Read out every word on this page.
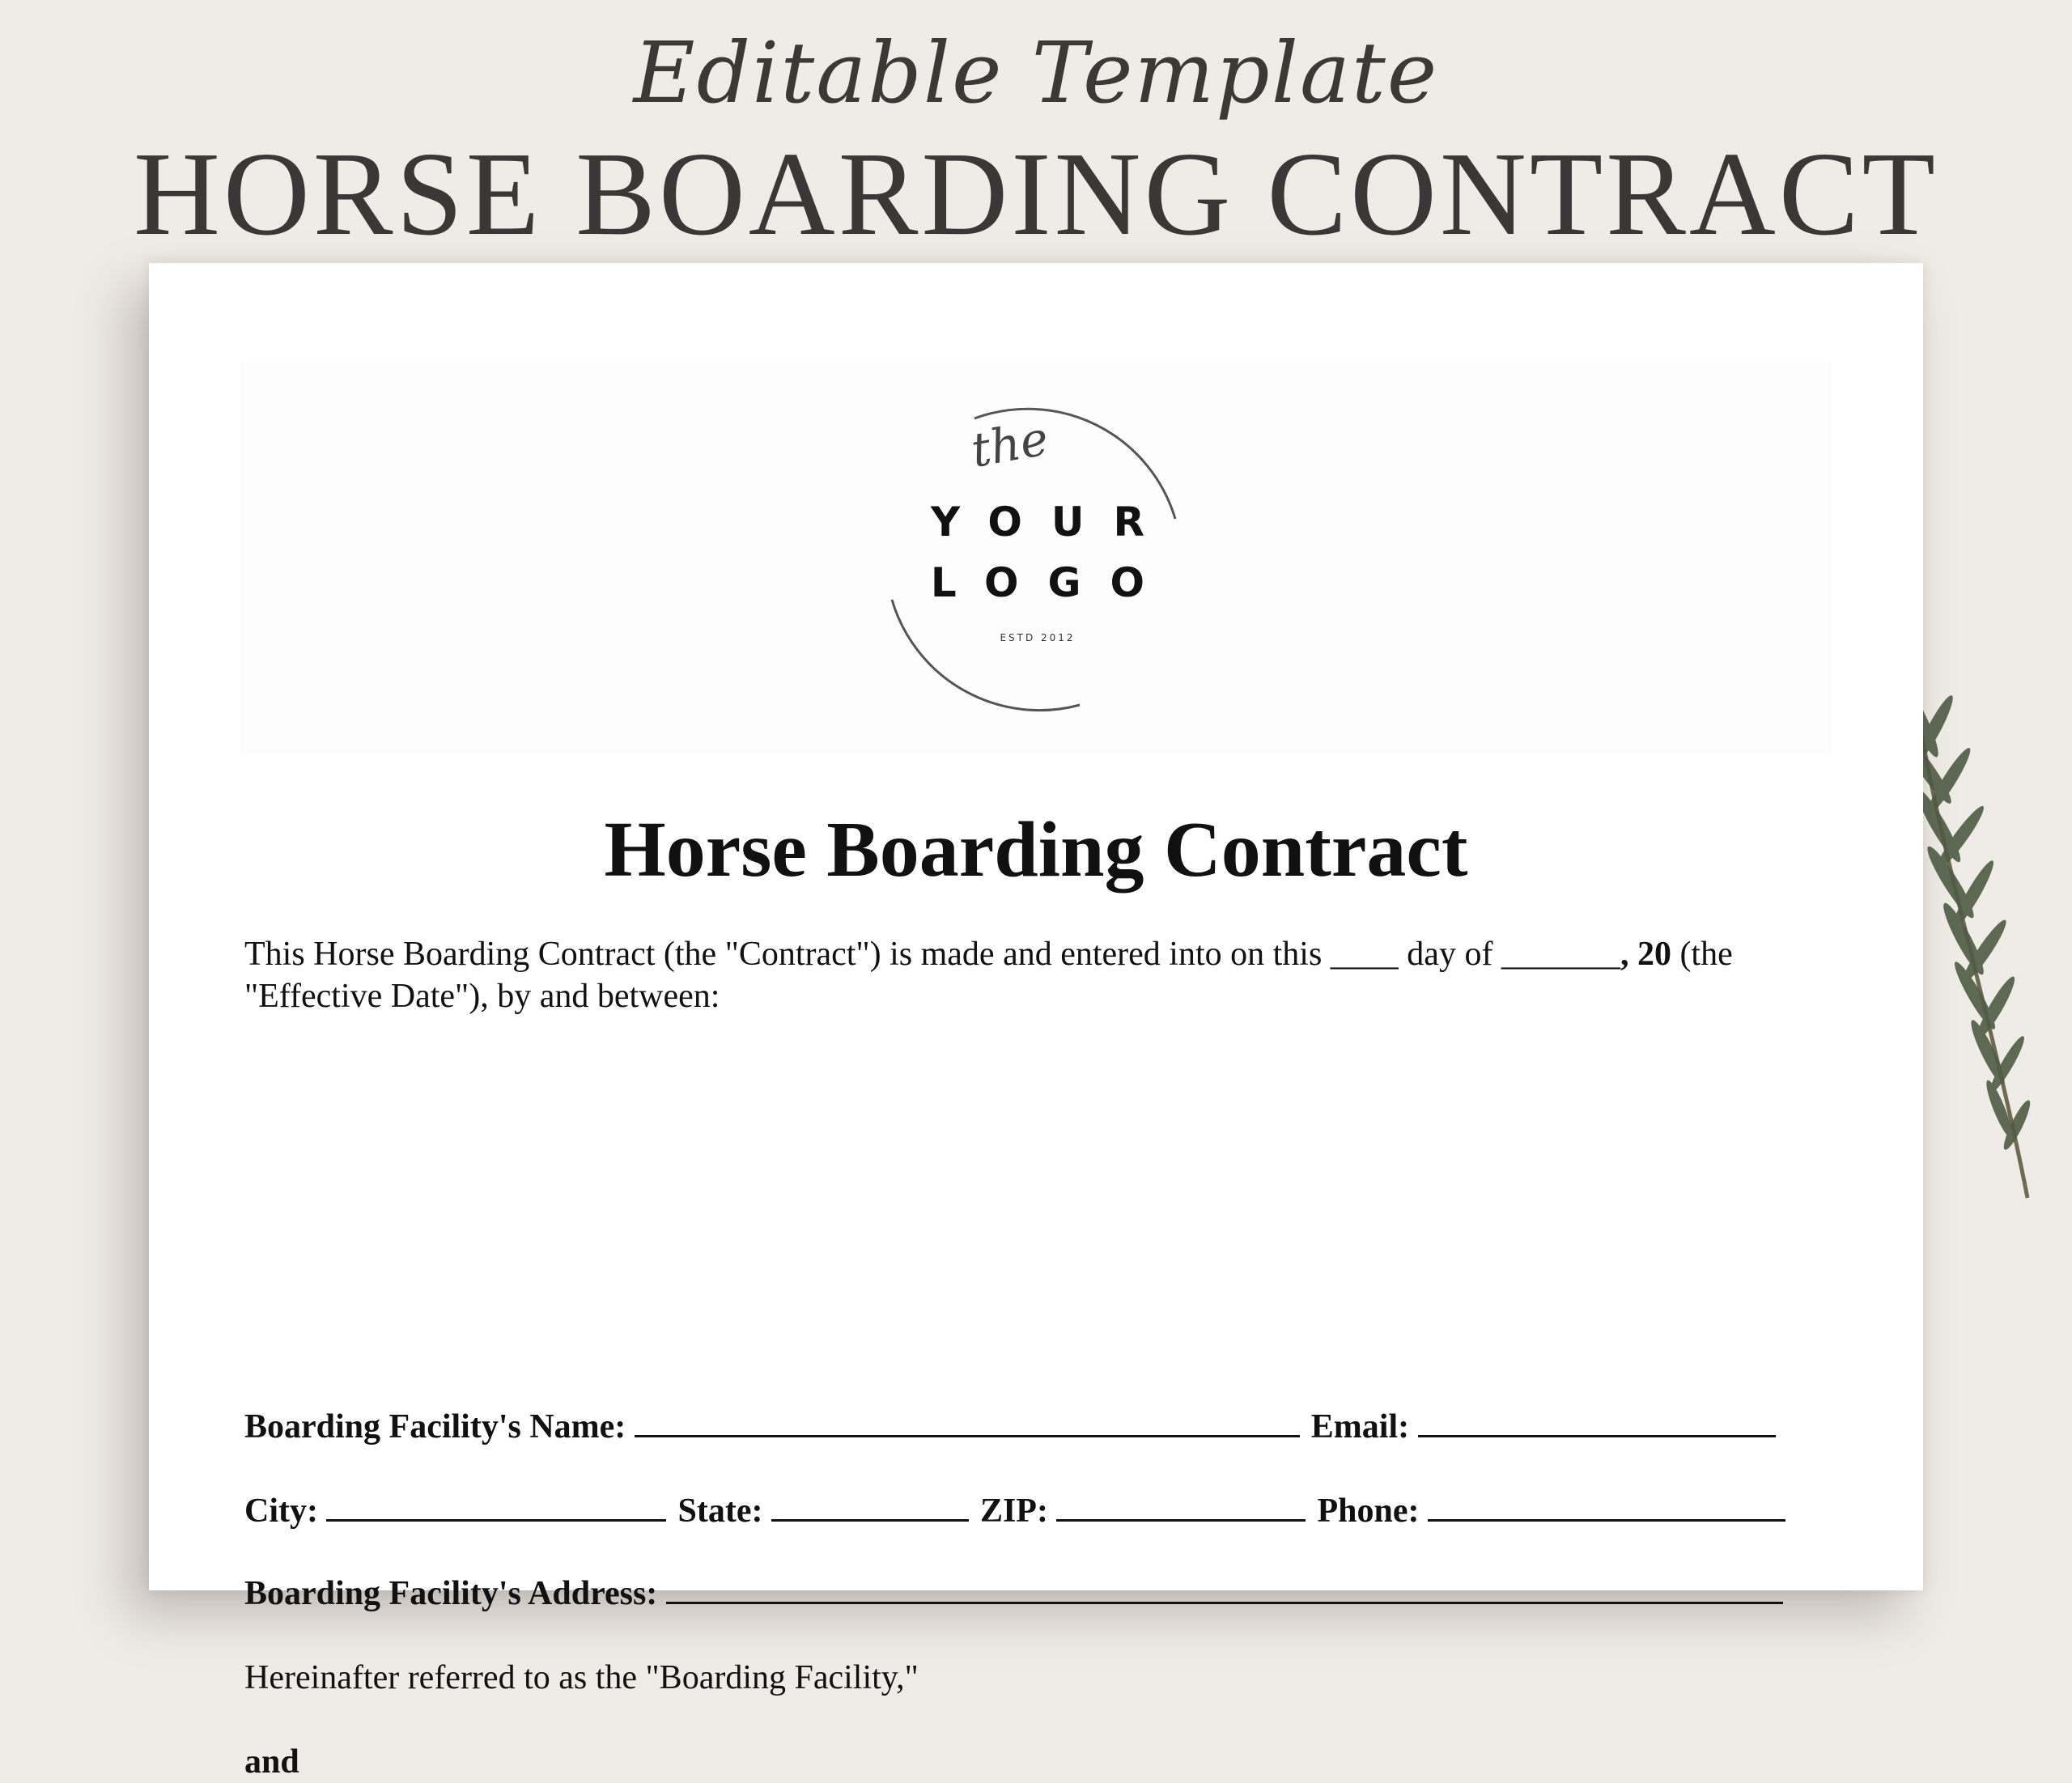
Editable Template
HORSE BOARDING CONTRACT
the
YOUR
LOGO
ESTD 2012
Horse Boarding Contract
This Horse Boarding Contract (the "Contract") is made and entered into on this ____ day of _______, 20 (the "Effective Date"), by and between:
Boarding Facility's Name:	Email:
City:	State:	ZIP:	Phone:
Boarding Facility's Address:
Hereinafter referred to as the "Boarding Facility,"
and
